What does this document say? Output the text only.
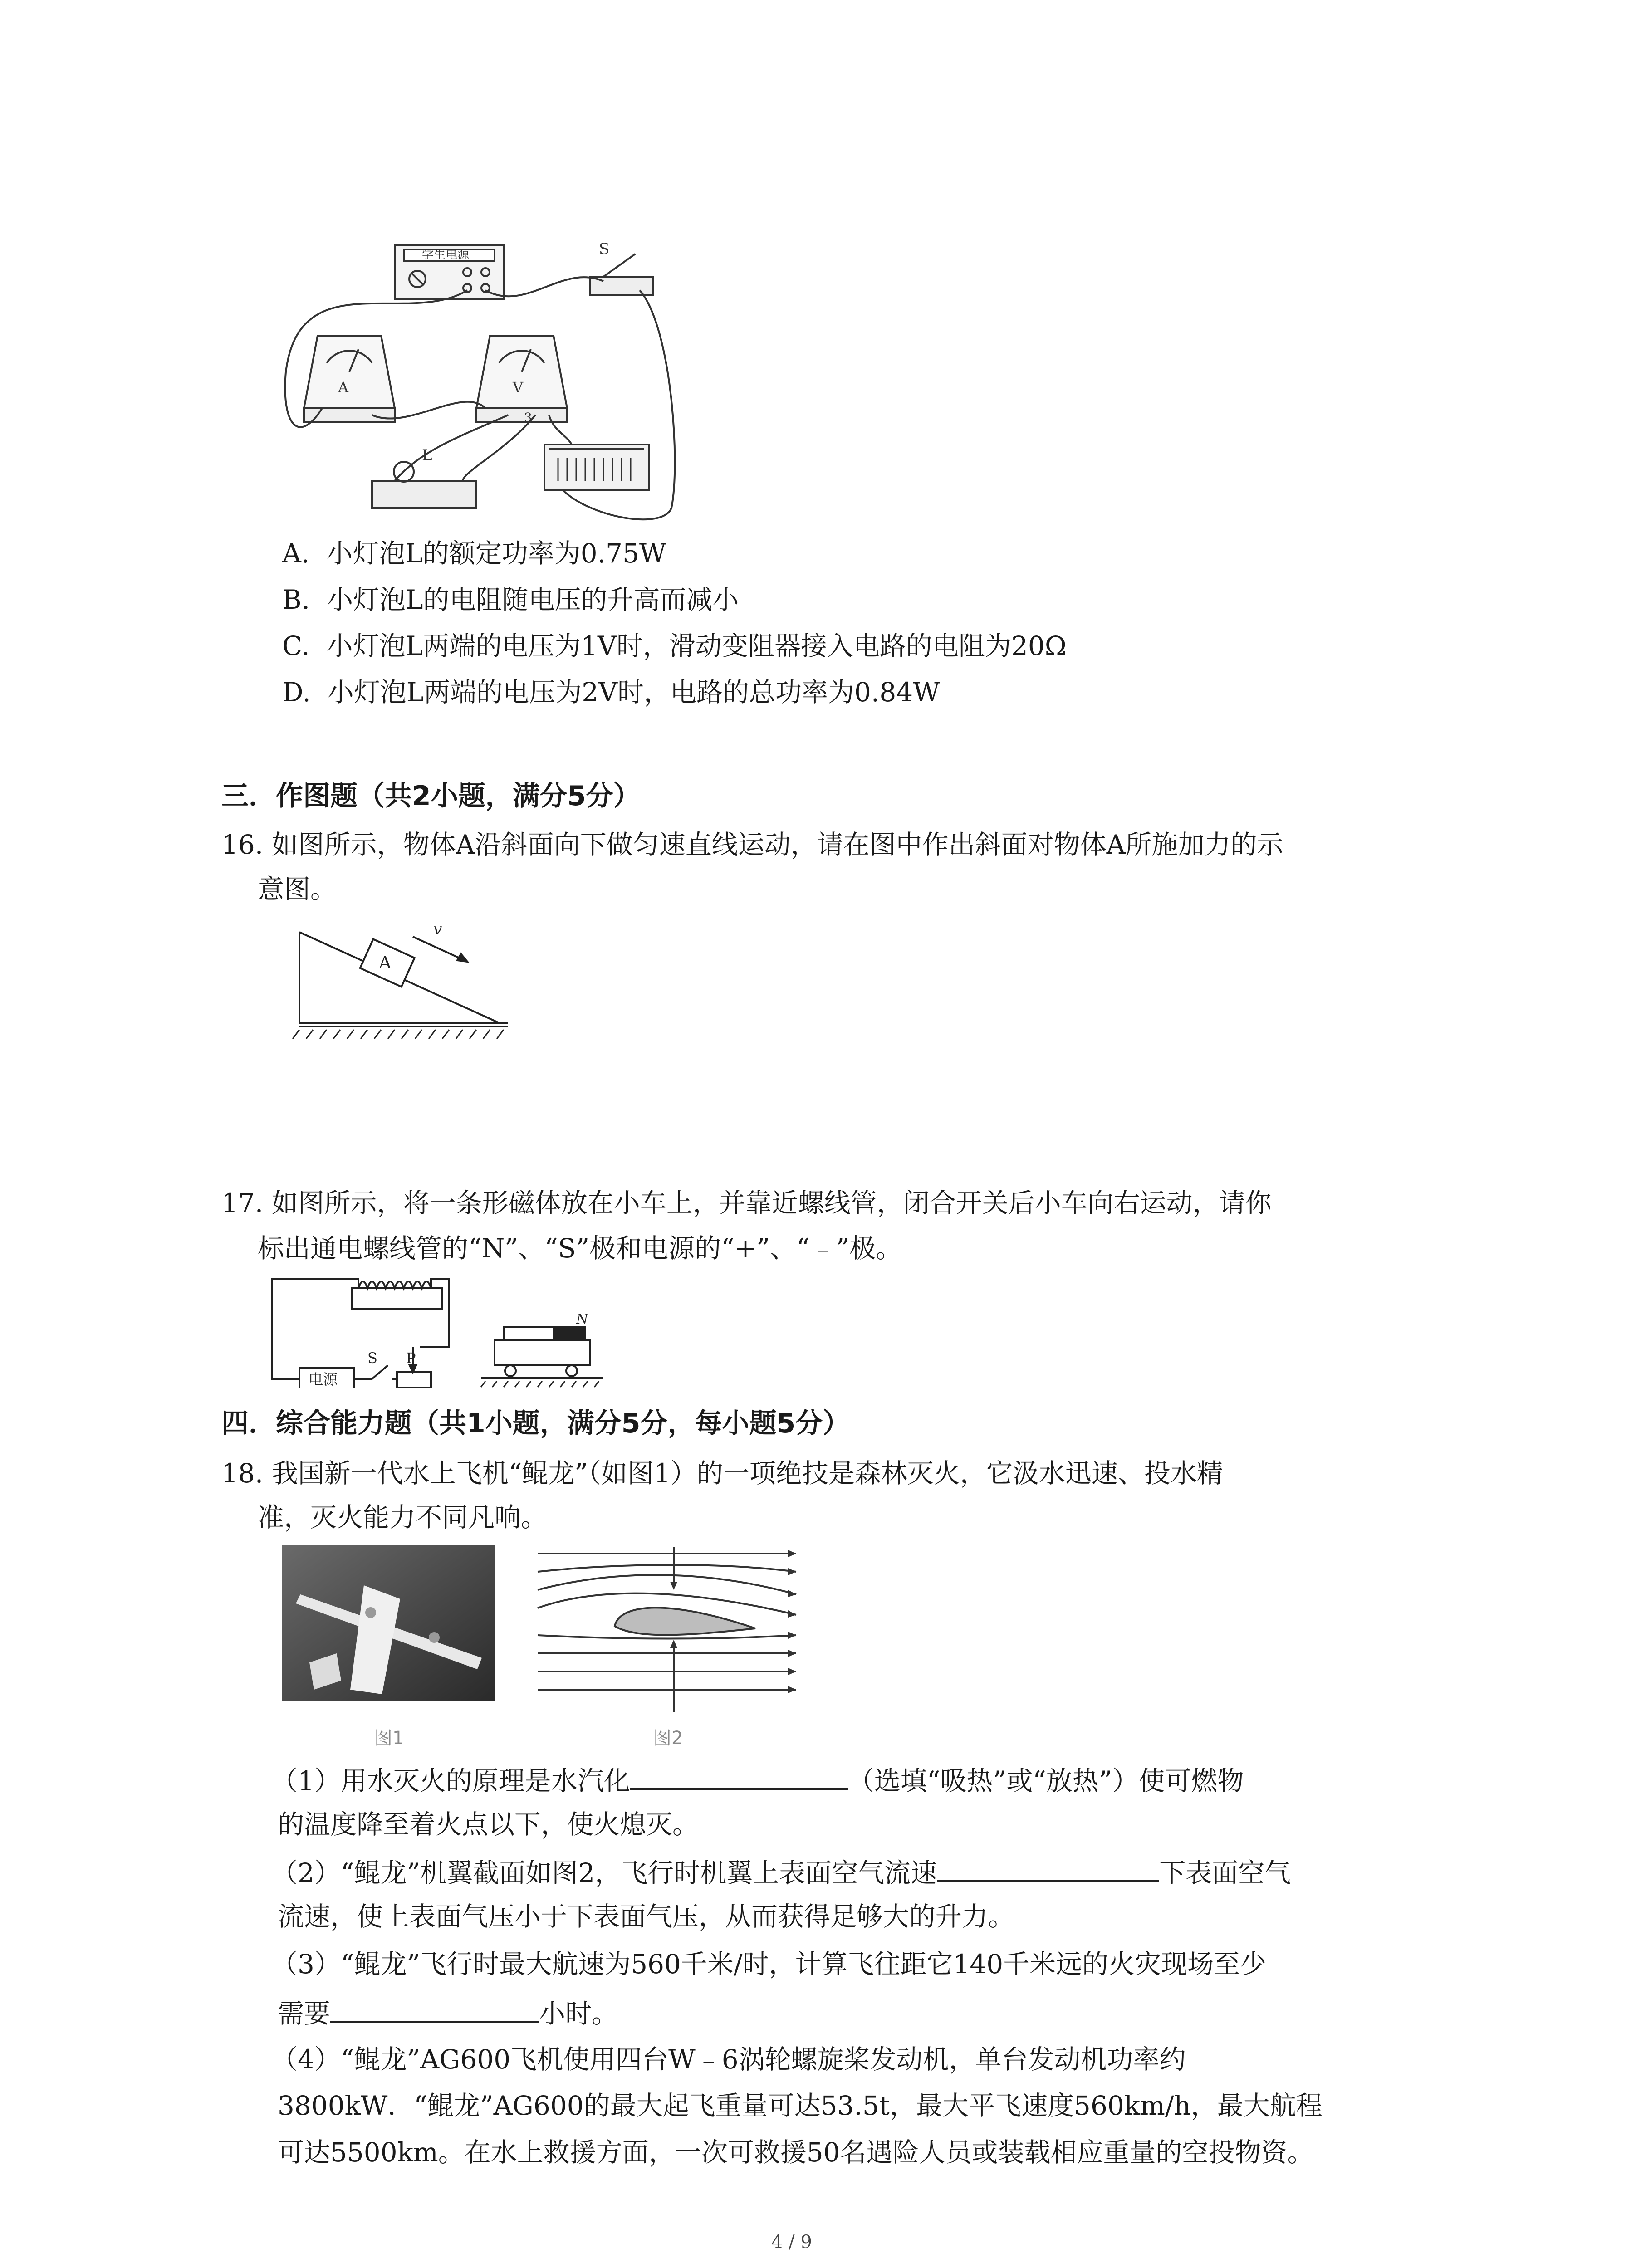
学生电源	S
A	V
L
3
A. 小灯泡L的额定功率为0.75W
B. 小灯泡L的电阻随电压的升高而减小
C. 小灯泡L两端的电压为1V时，滑动变阻器接入电路的电阻为20Ω
D. 小灯泡L两端的电压为2V时，电路的总功率为0.84W
三．作图题（共2小题，满分5分）
16. 如图所示，物体A沿斜面向下做匀速直线运动，请在图中作出斜面对物体A所施加力的示
意图。
A
v
17. 如图所示，将一条形磁体放在小车上，并靠近螺线管，闭合开关后小车向右运动，请你
标出通电螺线管的“N”、“S”极和电源的“+”、“﹣”极。
电源
S P
N
四．综合能力题（共1小题，满分5分，每小题5分）
18. 我国新一代水上飞机“鲲龙”（如图1）的一项绝技是森林灭火，它汲水迅速、投水精
准，灭火能力不同凡响。
图1	图2
（1）用水灭火的原理是水汽化	（选填“吸热”或“放热”）使可燃物
的温度降至着火点以下，使火熄灭。
（2）“鲲龙”机翼截面如图2，飞行时机翼上表面空气流速	下表面空气
流速，使上表面气压小于下表面气压，从而获得足够大的升力。
（3）“鲲龙”飞行时最大航速为560千米/时，计算飞往距它140千米远的火灾现场至少
需要	小时。
（4）“鲲龙”AG600飞机使用四台W﹣6涡轮螺旋桨发动机，单台发动机功率约
3800kW．“鲲龙”AG600的最大起飞重量可达53.5t，最大平飞速度560km/h，最大航程
可达5500km。在水上救援方面，一次可救援50名遇险人员或装载相应重量的空投物资。
4 / 9
